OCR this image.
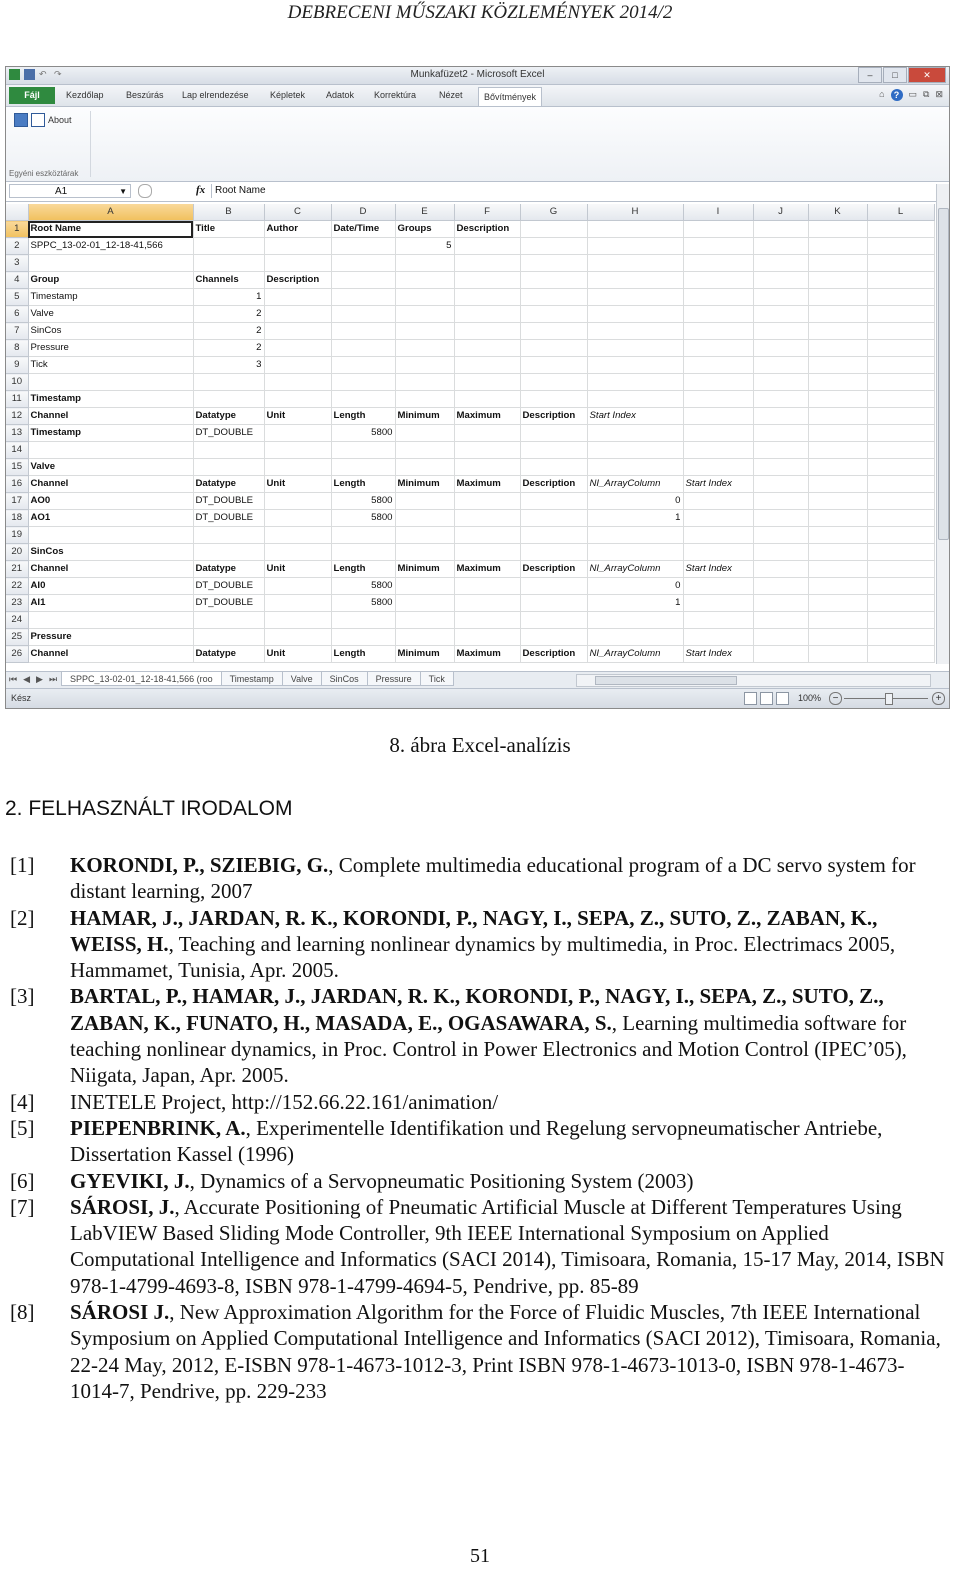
DEBRECENI MŰSZAKI KÖZLEMÉNYEK 2014/2
↶ ↷	Munkafüzet2 - Microsoft Excel	–	□	✕
Fájl	Kezdőlap Beszúrás Lap elrendezése Képletek Adatok Korrektúra	Nézet	Bővítmények	⌂	?	▭ ⧉ ⊠
About
Egyéni eszköztárak
A1	▼	fx Root Name
	A	B	C	D	E	F	G	H	I	J	K	L
1	Root Name	Title	Author	Date/Time	Groups	Description						
2	SPPC_13-02-01_12-18-41,566				5							
3												
4	Group	Channels	Description									
5	Timestamp	1										
6	Valve	2										
7	SinCos	2										
8	Pressure	2										
9	Tick	3										
10												
11	Timestamp											
12	Channel	Datatype	Unit	Length	Minimum	Maximum	Description	Start Index				
13	Timestamp	DT_DOUBLE		5800								
14												
15	Valve											
16	Channel	Datatype	Unit	Length	Minimum	Maximum	Description	NI_ArrayColumn	Start Index			
17	AO0	DT_DOUBLE		5800				0				
18	AO1	DT_DOUBLE		5800				1				
19												
20	SinCos											
21	Channel	Datatype	Unit	Length	Minimum	Maximum	Description	NI_ArrayColumn	Start Index			
22	AI0	DT_DOUBLE		5800				0				
23	AI1	DT_DOUBLE		5800				1				
24												
25	Pressure											
26	Channel	Datatype	Unit	Length	Minimum	Maximum	Description	NI_ArrayColumn	Start Index			
⏮ ◀ ▶ ⏭	SPPC_13-02-01_12-18-41,566 (roo	Timestamp	Valve	SinCos	Pressure	Tick
Kész	100%	−	+
8. ábra Excel-analízis
2. FELHASZNÁLT IRODALOM
[1] KORONDI, P., SZIEBIG, G., Complete multimedia educational program of a DC servo system for distant learning, 2007
[2] HAMAR, J., JARDAN, R. K., KORONDI, P., NAGY, I., SEPA, Z., SUTO, Z., ZABAN, K., WEISS, H., Teaching and learning nonlinear dynamics by multimedia, in Proc. Electrimacs 2005, Hammamet, Tunisia, Apr. 2005.
[3] BARTAL, P., HAMAR, J., JARDAN, R. K., KORONDI, P., NAGY, I., SEPA, Z., SUTO, Z., ZABAN, K., FUNATO, H., MASADA, E., OGASAWARA, S., Learning multimedia software for teaching nonlinear dynamics, in Proc. Control in Power Electronics and Motion Control (IPEC’05), Niigata, Japan, Apr. 2005.
[4] INETELE Project, http://152.66.22.161/animation/
[5] PIEPENBRINK, A., Experimentelle Identifikation und Regelung servopneumatischer Antriebe, Dissertation Kassel (1996)
[6] GYEVIKI, J., Dynamics of a Servopneumatic Positioning System (2003)
[7] SÁROSI, J., Accurate Positioning of Pneumatic Artificial Muscle at Different Temperatures Using LabVIEW Based Sliding Mode Controller, 9th IEEE International Symposium on Applied Computational Intelligence and Informatics (SACI 2014), Timisoara, Romania, 15-17 May, 2014, ISBN 978-1-4799-4693-8, ISBN 978-1-4799-4694-5, Pendrive, pp. 85-89
[8] SÁROSI J., New Approximation Algorithm for the Force of Fluidic Muscles, 7th IEEE International Symposium on Applied Computational Intelligence and Informatics (SACI 2012), Timisoara, Romania, 22-24 May, 2012, E-ISBN 978-1-4673-1012-3, Print ISBN 978-1-4673-1013-0, ISBN 978-1-4673-1014-7, Pendrive, pp. 229-233
51
